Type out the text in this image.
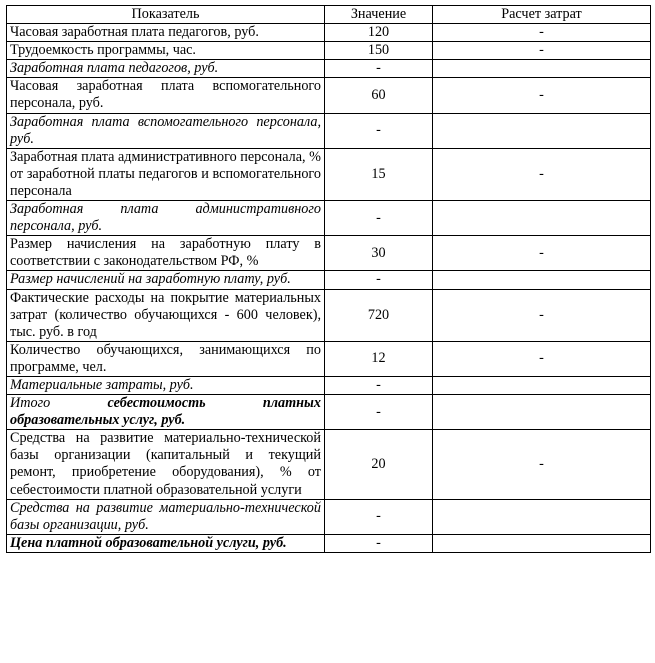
Показатель	Значение	Расчет затрат
Часовая заработная плата педагогов, руб.	120	-
Трудоемкость программы, час.	150	-
Заработная плата педагогов, руб.	-	
Часовая заработная плата вспомогательного персонала, руб.	60	-
Заработная плата вспомогательного персонала, руб.	-	
Заработная плата административного персонала, % от заработной платы педагогов и вспомогательного персонала	15	-
Заработная плата административного персонала, руб.	-	
Размер начисления на заработную плату в соответствии с законодательством РФ, %	30	-
Размер начислений на заработную плату, руб.	-	
Фактические расходы на покрытие материальных затрат (количество обучающихся - 600 человек), тыс. руб. в год	720	-
Количество обучающихся, занимающихся по программе, чел.	12	-
Материальные затраты, руб.	-	
Итого себестоимость платных образовательных услуг, руб.	-	
Средства на развитие материально-технической базы организации (капитальный и текущий ремонт, приобретение оборудования), % от себестоимости платной образовательной услуги	20	-
Средства на развитие материально-технической базы организации, руб.	-	
Цена платной образовательной услуги, руб.	-	
